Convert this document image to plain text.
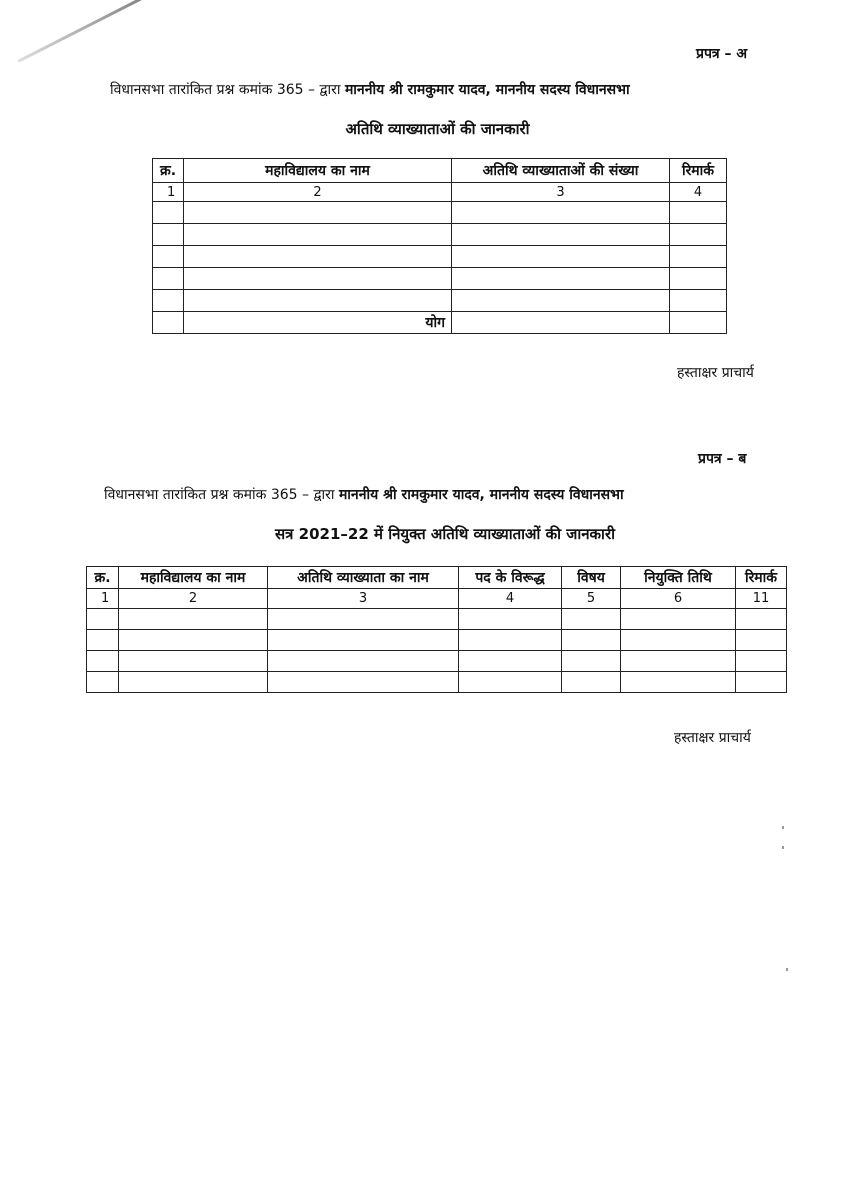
प्रपत्र – अ
विधानसभा तारांकित प्रश्न कमांक 365 – द्वारा माननीय श्री रामकुमार यादव, माननीय सदस्य विधानसभा
अतिथि व्याख्याताओं की जानकारी
क्र.	महाविद्यालय का नाम	अतिथि व्याख्याताओं की संख्या	रिमार्क
1	2	3	4

	योग		
हस्ताक्षर प्राचार्य
प्रपत्र – ब
विधानसभा तारांकित प्रश्न कमांक 365 – द्वारा माननीय श्री रामकुमार यादव, माननीय सदस्य विधानसभा
सत्र 2021–22 में नियुक्त अतिथि व्याख्याताओं की जानकारी
क्र.	महाविद्यालय का नाम	अतिथि व्याख्याता का नाम	पद के विरूद्ध	विषय	नियुक्ति तिथि	रिमार्क
1	2	3	4	5	6	11

हस्ताक्षर प्राचार्य
